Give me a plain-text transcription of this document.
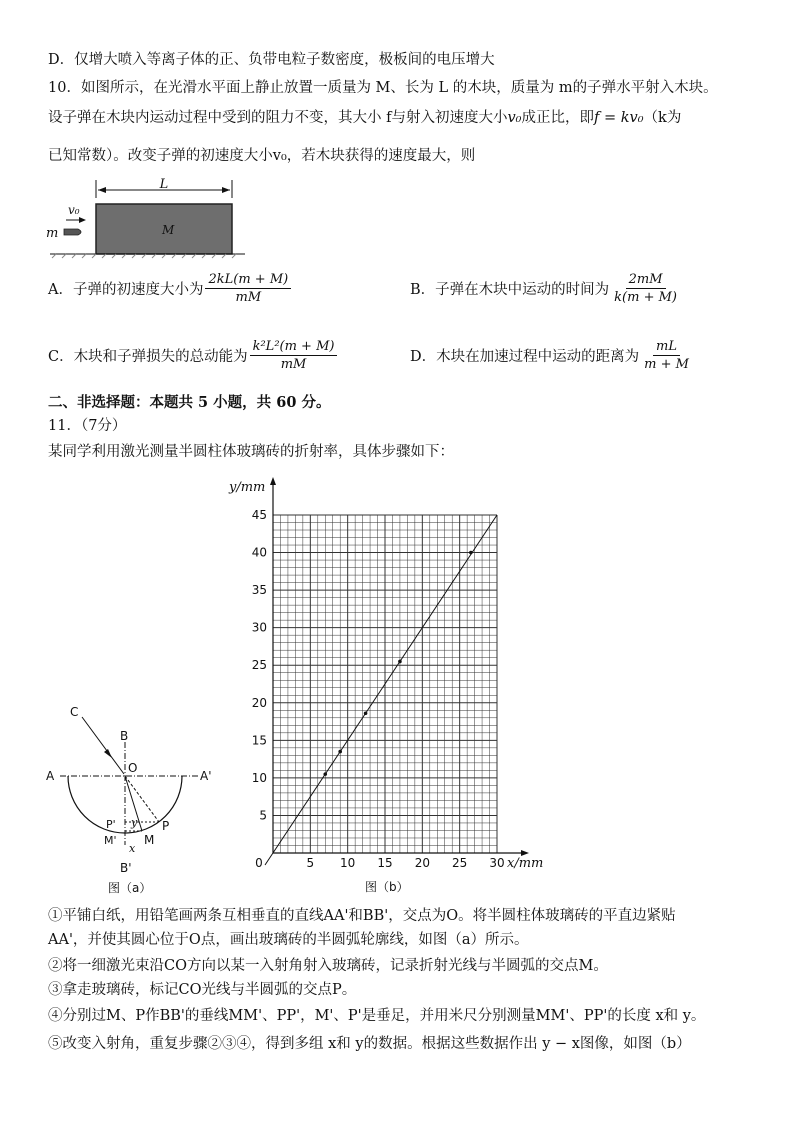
D．仅增大喷入等离子体的正、负带电粒子数密度，极板间的电压增大
10．如图所示，在光滑水平面上静止放置一质量为 M、长为 L 的木块，质量为 m的子弹水平射入木块。
设子弹在木块内运动过程中受到的阻力不变，其大小 f与射入初速度大小v₀成正比，即f = kv₀（k为
已知常数）。改变子弹的初速度大小v₀，若木块获得的速度最大，则
L
M
m
v₀
A．子弹的初速度大小为 $\frac{2kL(m + M)}{mM}$	B．子弹在木块中运动的时间为 $\frac{2mM}{k(m + M)}$
C．木块和子弹损失的总动能为 $\frac{\text{k²L²(m + M)}}{mM}$	D．木块在加速过程中运动的距离为 $\frac{mL}{m + M}$
二、非选择题：本题共 5 小题，共 60 分。
11．（7分）
某同学利用激光测量半圆柱体玻璃砖的折射率，具体步骤如下：
A	A'
B
B'
C
O
P
P'
M
M'
y
x
图（a）
0	5 10 15 20 25 30
5
10
15
20
25
30
35
40
45
y/mm
x/mm
图（b）
①平铺白纸，用铅笔画两条互相垂直的直线AA'和BB'，交点为O。将半圆柱体玻璃砖的平直边紧贴
AA'，并使其圆心位于O点，画出玻璃砖的半圆弧轮廓线，如图（a）所示。
②将一细激光束沿CO方向以某一入射角射入玻璃砖，记录折射光线与半圆弧的交点M。
③拿走玻璃砖，标记CO光线与半圆弧的交点P。
④分别过M、P作BB'的垂线MM'、PP'，M'、P'是垂足，并用米尺分别测量MM'、PP'的长度 x和 y。
⑤改变入射角，重复步骤②③④，得到多组 x和 y的数据。根据这些数据作出 y − x图像，如图（b）
